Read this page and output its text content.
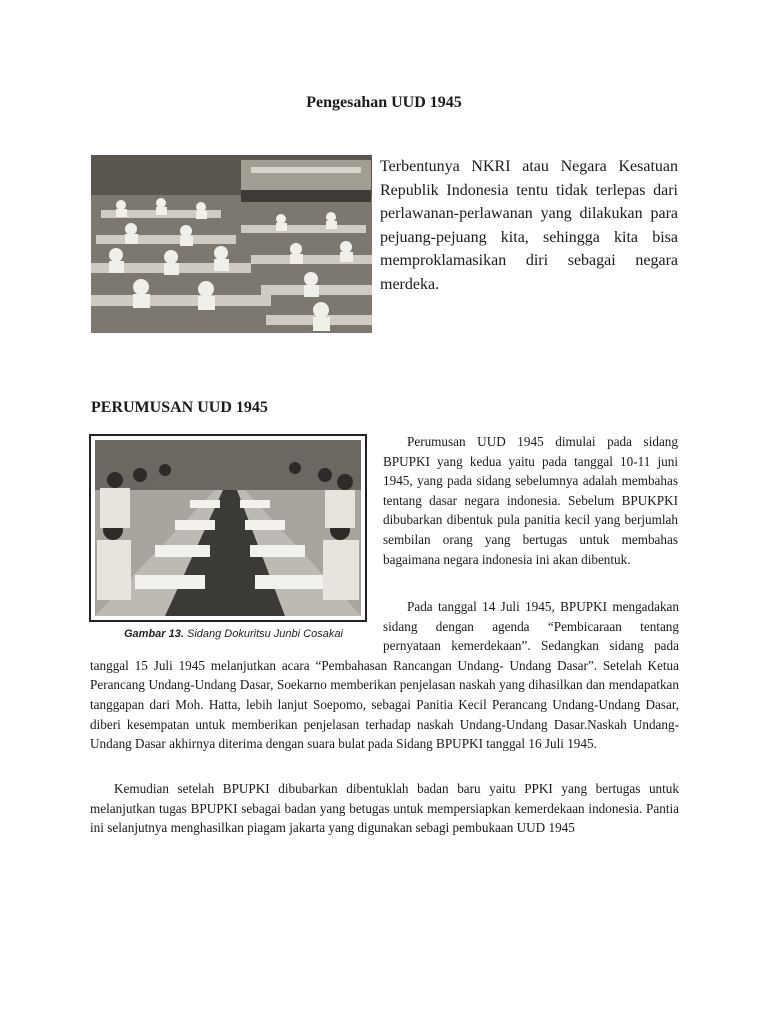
Pengesahan UUD 1945

Terbentunya NKRI atau Negara Kesatuan Republik Indonesia tentu tidak terlepas dari perlawanan-perlawanan yang dilakukan para pejuang-pejuang kita, sehingga kita bisa memproklamasikan diri sebagai negara merdeka.

PERUMUSAN UUD 1945
Gambar 13. Sidang Dokuritsu Junbi Cosakai

Perumusan UUD 1945 dimulai pada sidang BPUPKI yang kedua yaitu pada tanggal 10-11 juni 1945, yang pada sidang sebelumnya adalah membahas tentang dasar negara indonesia. Sebelum BPUKPKI dibubarkan dibentuk pula panitia kecil yang berjumlah sembilan orang yang bertugas untuk membahas bagaimana negara indonesia ini akan dibentuk.

Pada tanggal 14 Juli 1945, BPUPKI mengadakan sidang dengan agenda “Pembicaraan tentang pernyataan kemerdekaan”. Sedangkan sidang pada tanggal 15 Juli 1945 melanjutkan acara “Pembahasan Rancangan Undang- Undang Dasar”. Setelah Ketua Perancang Undang-Undang Dasar, Soekarno memberikan penjelasan naskah yang dihasilkan dan mendapatkan tanggapan dari Moh. Hatta, lebih lanjut Soepomo, sebagai Panitia Kecil Perancang Undang-Undang Dasar, diberi kesempatan untuk memberikan penjelasan terhadap naskah Undang-Undang Dasar.Naskah Undang-Undang Dasar akhirnya diterima dengan suara bulat pada Sidang BPUPKI tanggal 16 Juli 1945.

Kemudian setelah BPUPKI dibubarkan dibentuklah badan baru yaitu PPKI yang bertugas untuk melanjutkan tugas BPUPKI sebagai badan yang betugas untuk mempersiapkan kemerdekaan indonesia. Pantia ini selanjutnya menghasilkan piagam jakarta yang digunakan sebagi pembukaan UUD 1945
